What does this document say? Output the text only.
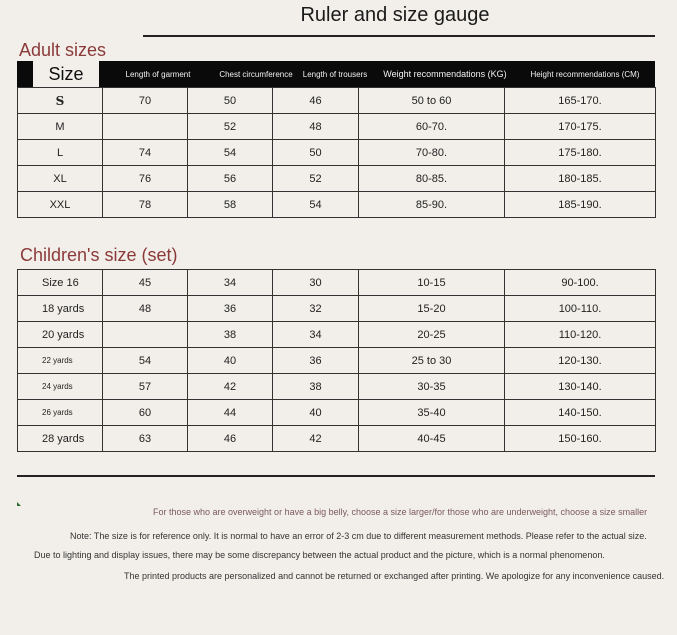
Ruler and size gauge
Adult sizes
Size	Length of garment	Chest circumference	Length of trousers	Weight recommendations (KG)	Height recommendations (CM)
S	70	50	46	50 to 60	165-170.
M		52	48	60-70.	170-175.
L	74	54	50	70-80.	175-180.
XL	76	56	52	80-85.	180-185.
XXL	78	58	54	85-90.	185-190.
Children's size (set)
Size 16	45	34	30	10-15	90-100.
18 yards	48	36	32	15-20	100-110.
20 yards		38	34	20-25	110-120.
22 yards	54	40	36	25 to 30	120-130.
24 yards	57	42	38	30-35	130-140.
26 yards	60	44	40	35-40	140-150.
28 yards	63	46	42	40-45	150-160.
For those who are overweight or have a big belly, choose a size larger/for those who are underweight, choose a size smaller
Note: The size is for reference only. It is normal to have an error of 2-3 cm due to different measurement methods. Please refer to the actual size.
Due to lighting and display issues, there may be some discrepancy between the actual product and the picture, which is a normal phenomenon.
The printed products are personalized and cannot be returned or exchanged after printing. We apologize for any inconvenience caused.
